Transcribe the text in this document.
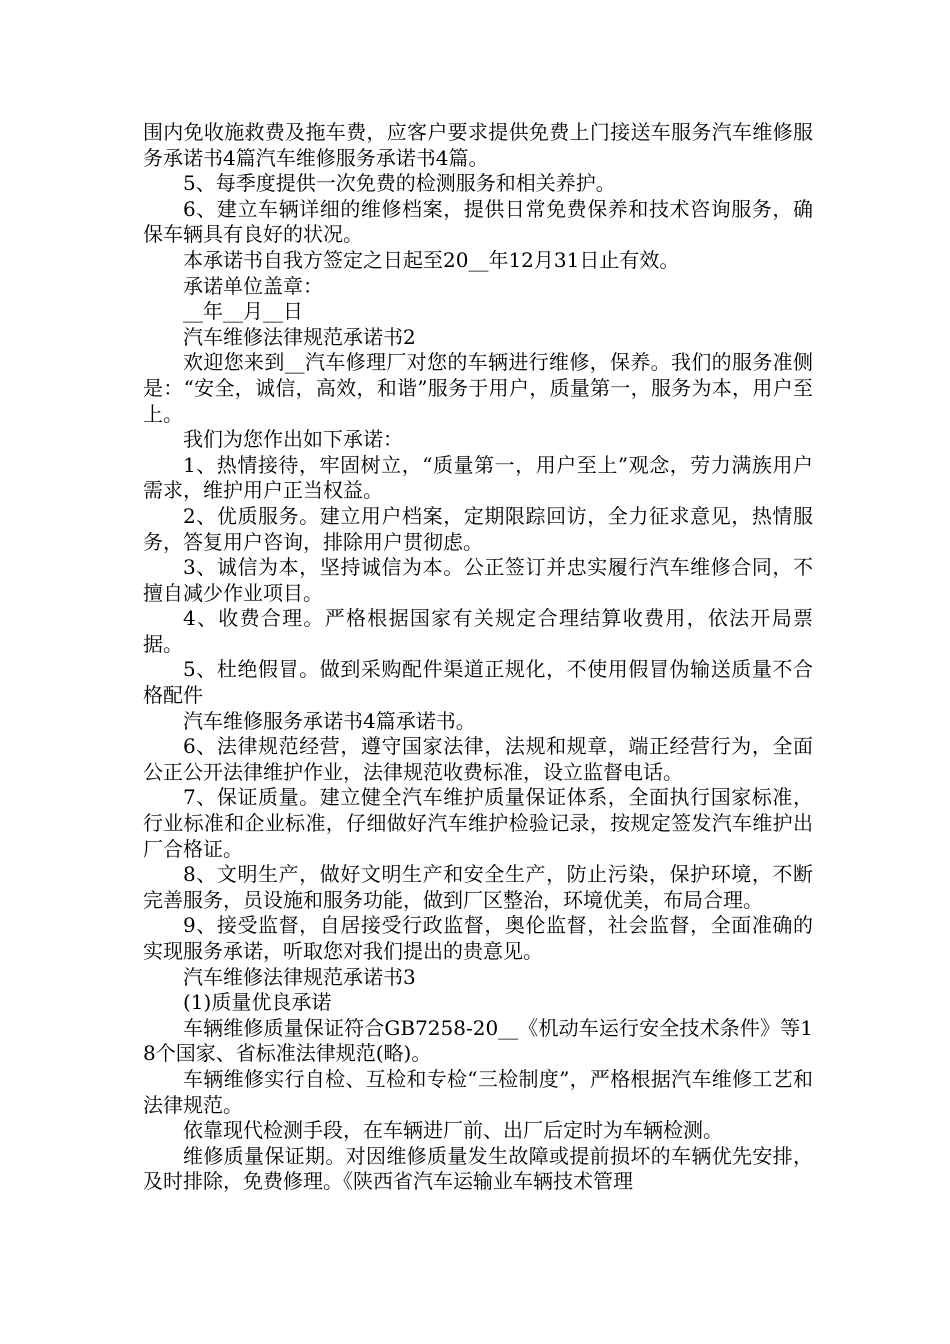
围内免收施救费及拖车费，应客户要求提供免费上门接送车服务汽车维修服务承诺书4篇汽车维修服务承诺书4篇。

5、每季度提供一次免费的检测服务和相关养护。

6、建立车辆详细的维修档案，提供日常免费保养和技术咨询服务，确保车辆具有良好的状况。

本承诺书自我方签定之日起至20__年12月31日止有效。

承诺单位盖章：

__年__月__日

汽车维修法律规范承诺书2

欢迎您来到__汽车修理厂对您的车辆进行维修，保养。我们的服务准侧是：“安全，诚信，高效，和谐”服务于用户，质量第一，服务为本，用户至上。

我们为您作出如下承诺：

1、热情接待，牢固树立，“质量第一，用户至上”观念，劳力满族用户需求，维护用户正当权益。

2、优质服务。建立用户档案，定期限踪回访，全力征求意见，热情服务，答复用户咨询，排除用户贯彻虑。

3、诚信为本，坚持诚信为本。公正签订并忠实履行汽车维修合同，不擅自减少作业项目。

4、收费合理。严格根据国家有关规定合理结算收费用，依法开局票据。

5、杜绝假冒。做到采购配件渠道正规化，不使用假冒伪输送质量不合格配件

汽车维修服务承诺书4篇承诺书。

6、法律规范经营，遵守国家法律，法规和规章，端正经营行为，全面公正公开法律维护作业，法律规范收费标准，设立监督电话。

7、保证质量。建立健全汽车维护质量保证体系，全面执行国家标准，行业标准和企业标准，仔细做好汽车维护检验记录，按规定签发汽车维护出厂合格证。

8、文明生产，做好文明生产和安全生产，防止污染，保护环境，不断完善服务，员设施和服务功能，做到厂区整治，环境优美，布局合理。

9、接受监督，自居接受行政监督，奥伦监督，社会监督，全面准确的实现服务承诺，听取您对我们提出的贵意见。

汽车维修法律规范承诺书3

(1)质量优良承诺

车辆维修质量保证符合GB7258-20__《机动车运行安全技术条件》等18个国家、省标准法律规范(略)。

车辆维修实行自检、互检和专检“三检制度”，严格根据汽车维修工艺和法律规范。

依靠现代检测手段，在车辆进厂前、出厂后定时为车辆检测。

维修质量保证期。对因维修质量发生故障或提前损坏的车辆优先安排，及时排除，免费修理。《陕西省汽车运输业车辆技术管理
